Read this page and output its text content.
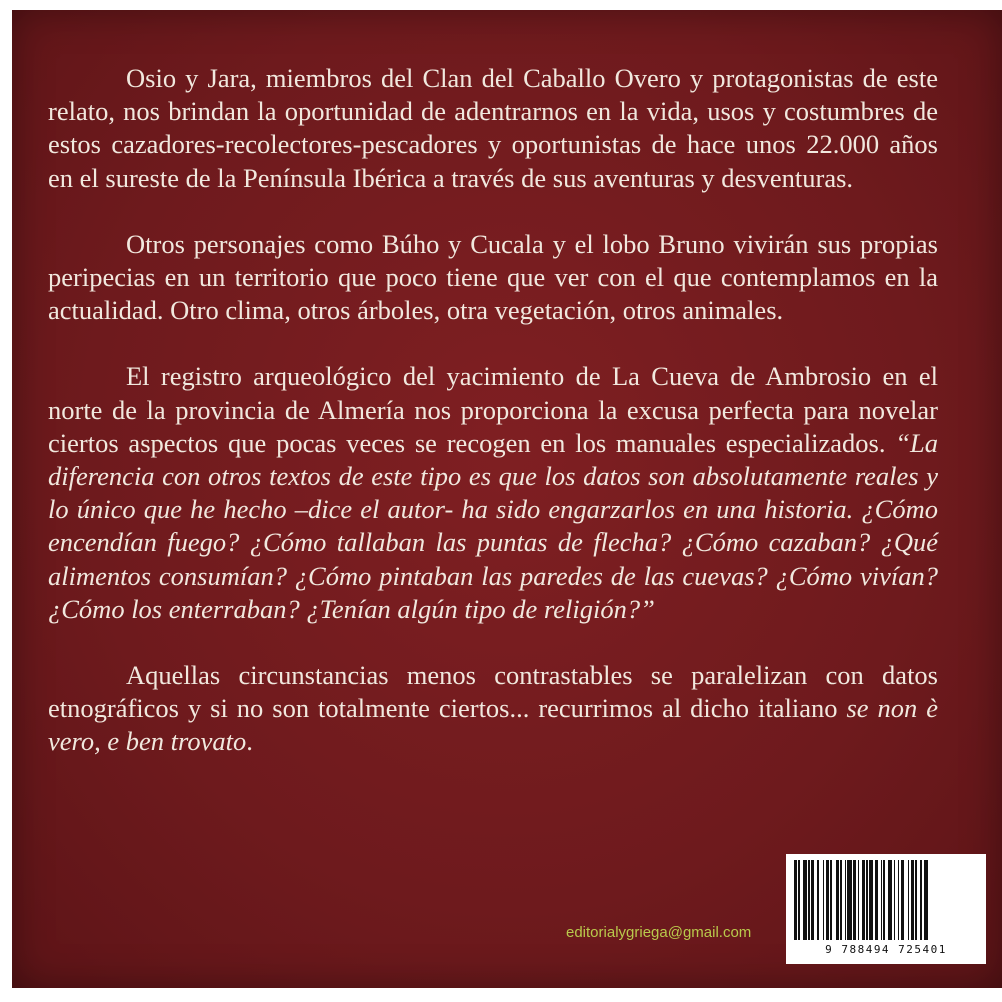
Osio y Jara, miembros del Clan del Caballo Overo y protagonistas de este relato, nos brindan la oportunidad de adentrarnos en la vida, usos y costumbres de estos cazadores-recolectores-pescadores y oportunistas de hace unos 22.000 años en el sureste de la Península Ibérica a través de sus aventuras y desventuras.

Otros personajes como Búho y Cucala y el lobo Bruno vivirán sus propias peripecias en un territorio que poco tiene que ver con el que contemplamos en la actualidad. Otro clima, otros árboles, otra vegetación, otros animales.

El registro arqueológico del yacimiento de La Cueva de Ambrosio en el norte de la provincia de Almería nos proporciona la excusa perfecta para novelar ciertos aspectos que pocas veces se recogen en los manuales especializados. “La diferencia con otros textos de este tipo es que los datos son absolutamente reales y lo único que he hecho –dice el autor- ha sido engarzarlos en una historia. ¿Cómo encendían fuego? ¿Cómo tallaban las puntas de flecha? ¿Cómo cazaban? ¿Qué alimentos consumían? ¿Cómo pintaban las paredes de las cuevas? ¿Cómo vivían? ¿Cómo los enterraban? ¿Tenían algún tipo de religión?”

Aquellas circunstancias menos contrastables se paralelizan con datos etnográficos y si no son totalmente ciertos... recurrimos al dicho italiano se non è vero, e ben trovato.

editorialygriega@gmail.com
9 788494 725401
